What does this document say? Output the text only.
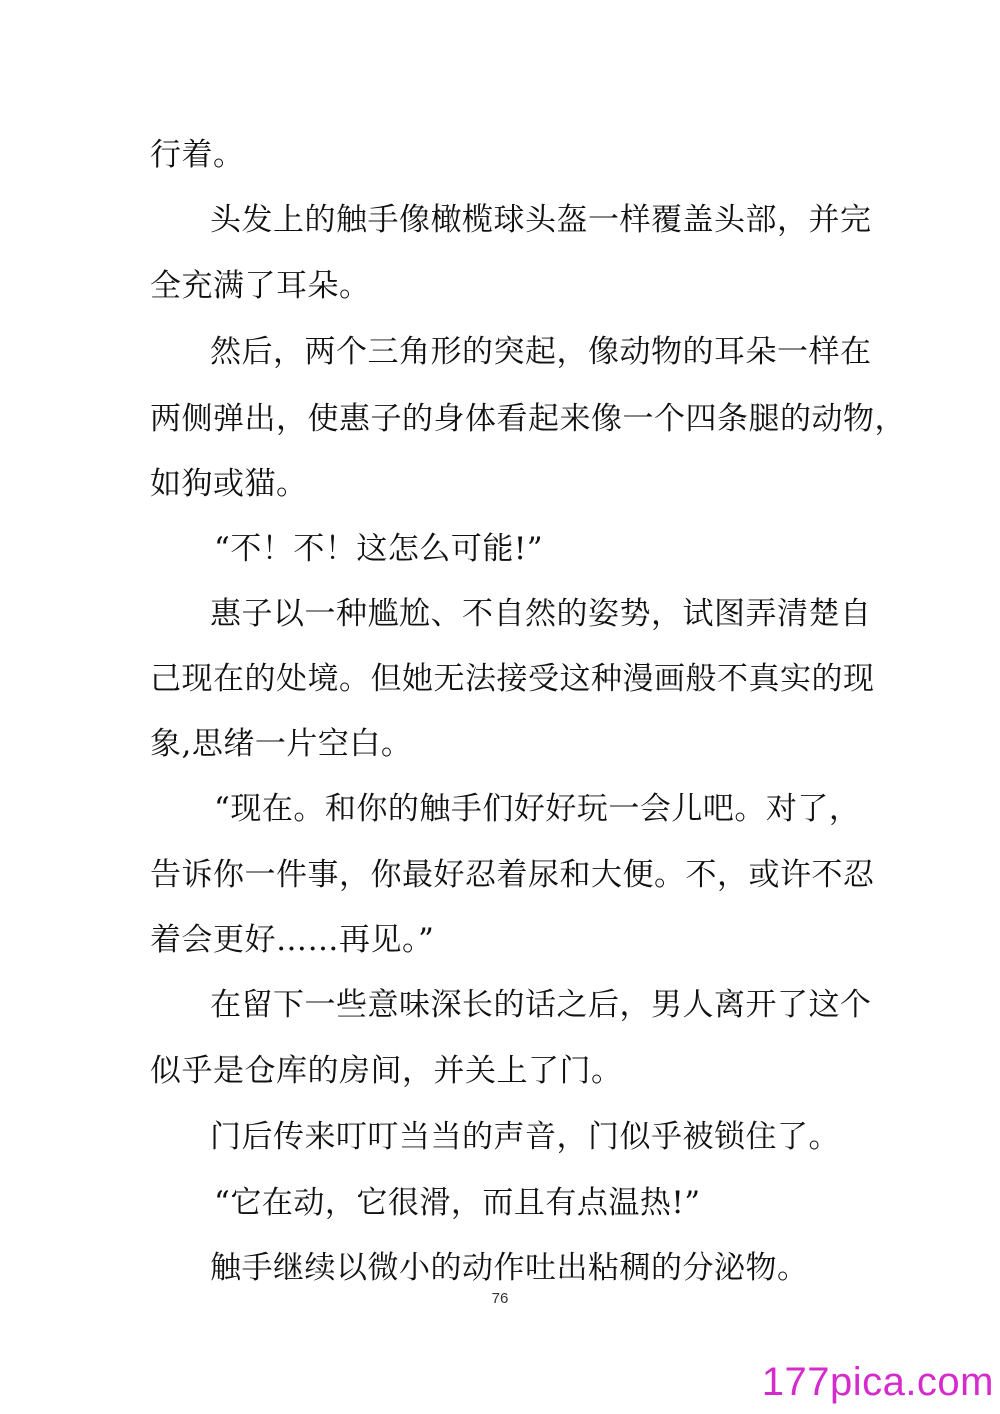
行着。

头发上的触手像橄榄球头盔一样覆盖头部，并完

全充满了耳朵。

然后，两个三角形的突起，像动物的耳朵一样在

两侧弹出，使惠子的身体看起来像一个四条腿的动物，

如狗或猫。

“不！不！这怎么可能!”

惠子以一种尴尬、不自然的姿势，试图弄清楚自

己现在的处境。但她无法接受这种漫画般不真实的现

象,思绪一片空白。

“现在。和你的触手们好好玩一会儿吧。对了，

告诉你一件事，你最好忍着尿和大便。不，或许不忍

着会更好……再见。”

在留下一些意味深长的话之后，男人离开了这个

似乎是仓库的房间，并关上了门。

门后传来叮叮当当的声音，门似乎被锁住了。

“它在动，它很滑，而且有点温热!”

触手继续以微小的动作吐出粘稠的分泌物。

76
177pica.com
